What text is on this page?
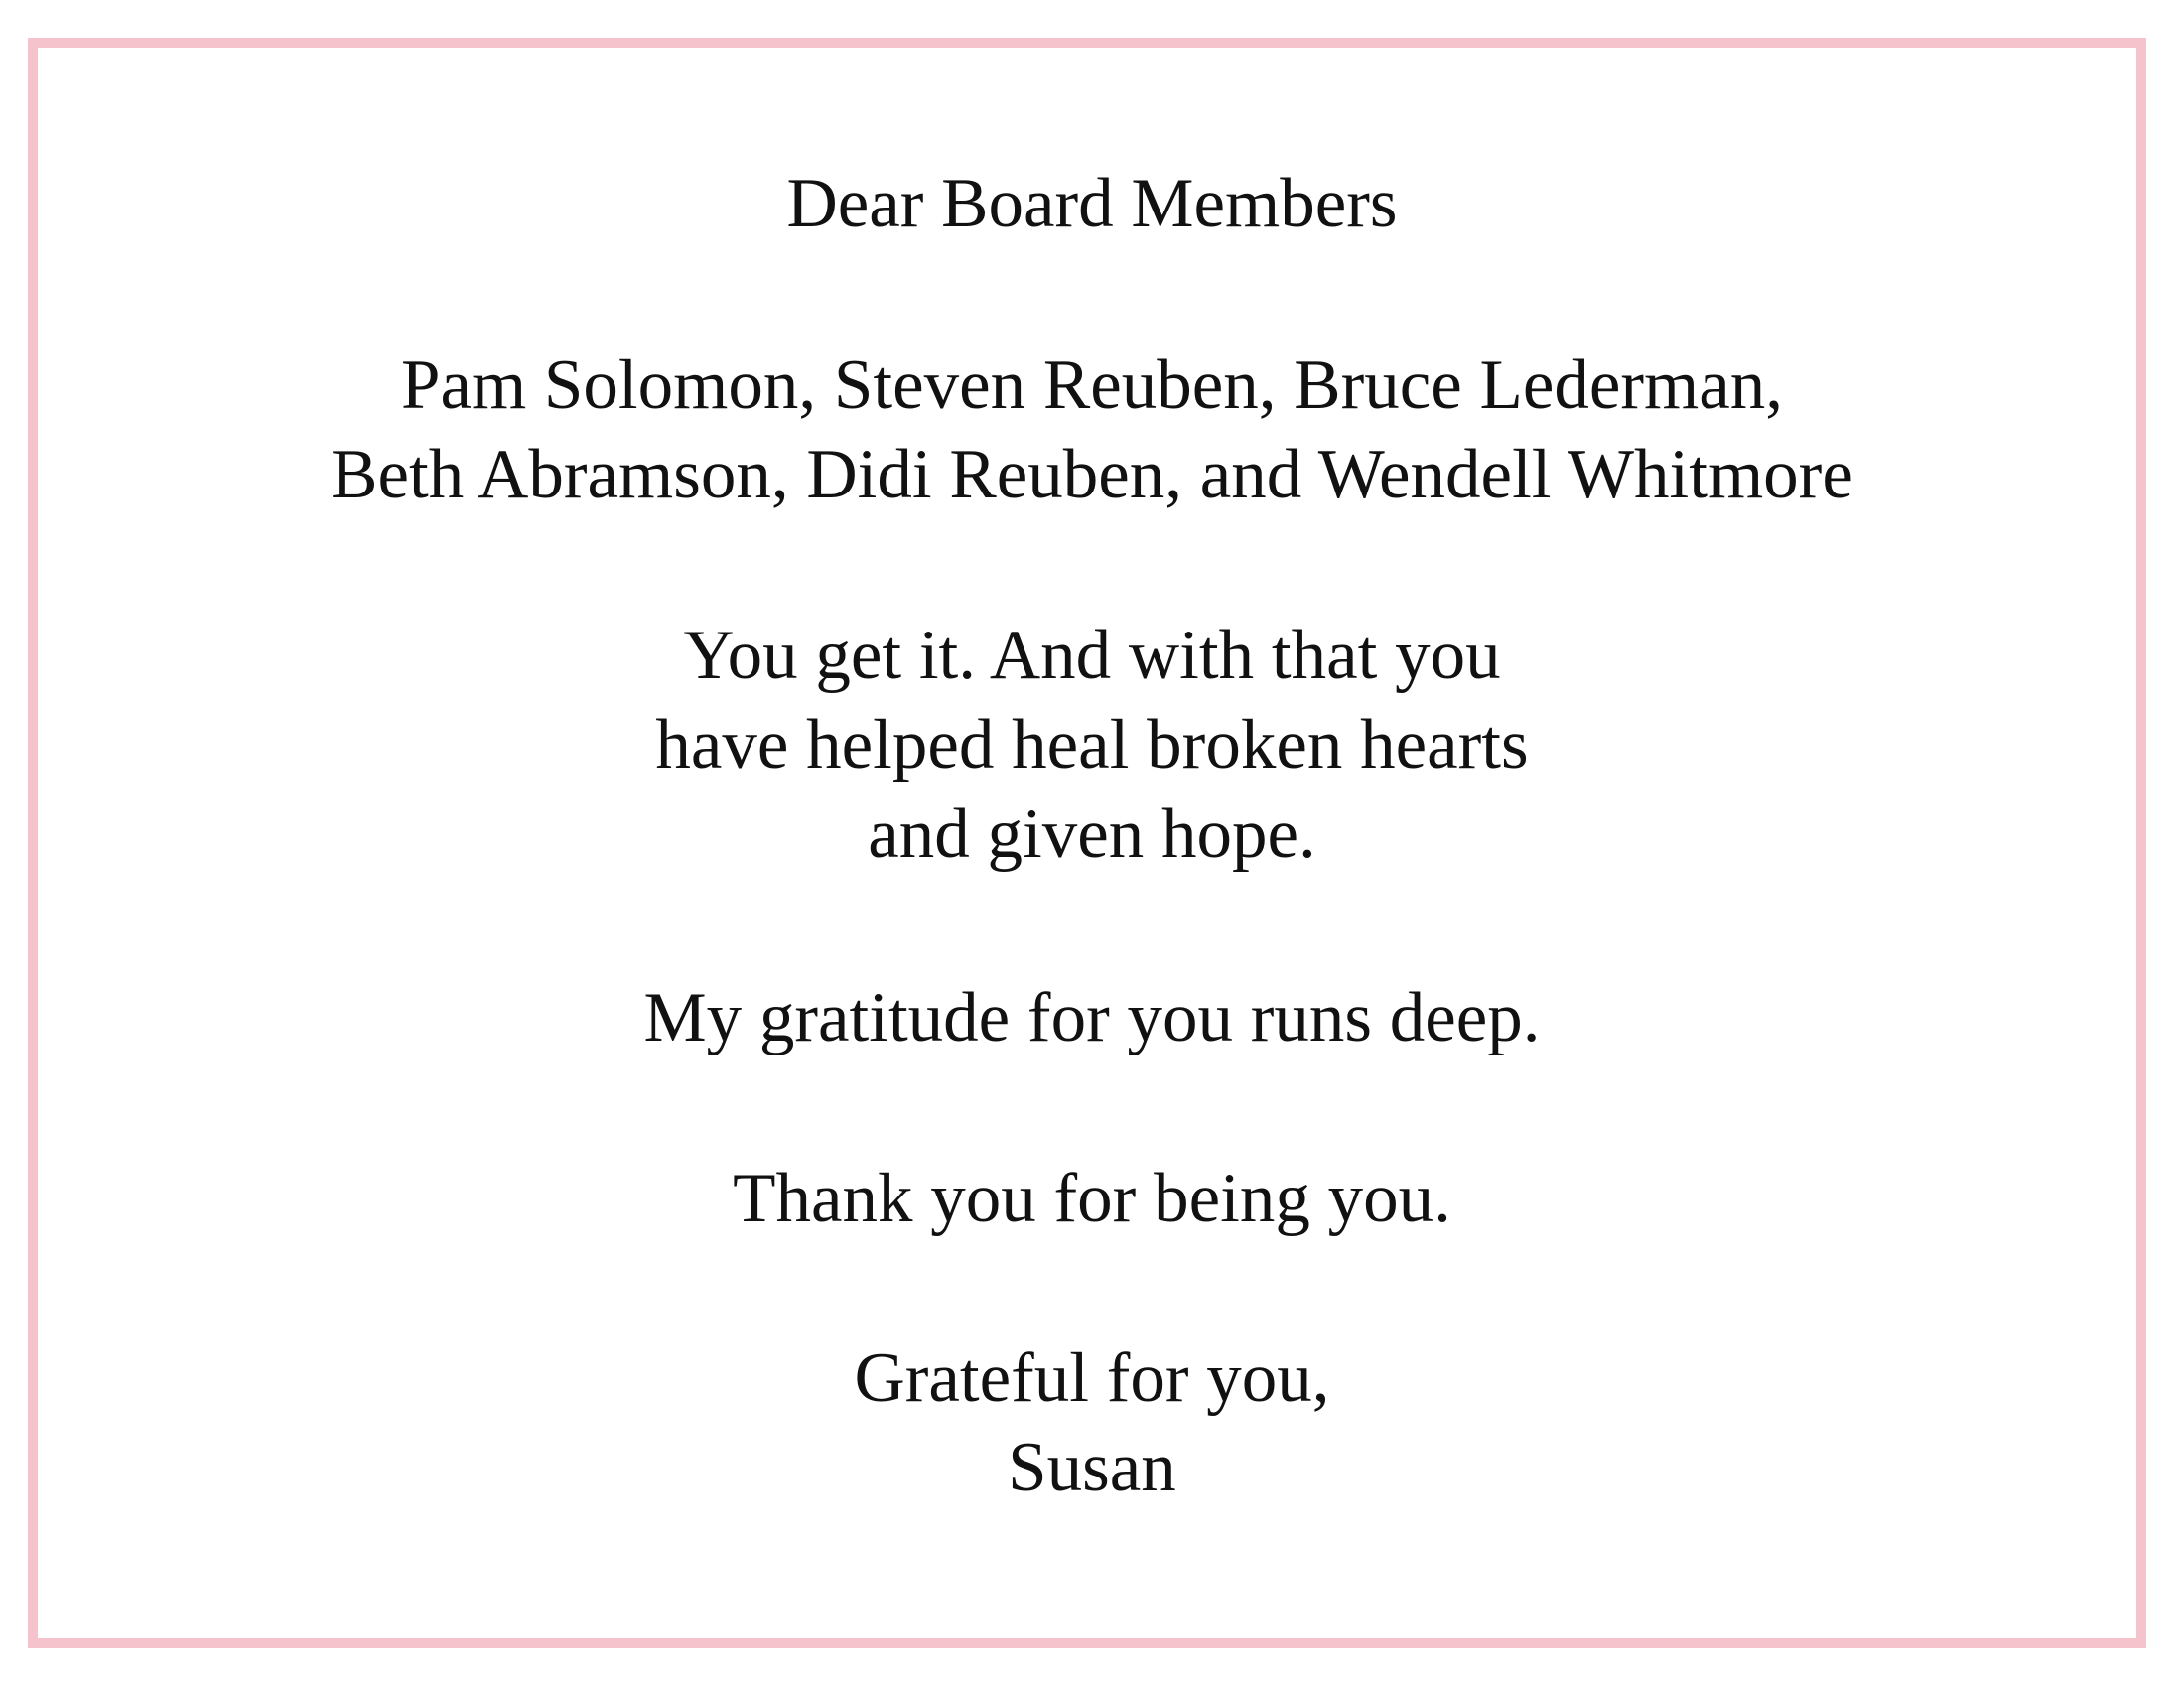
Dear Board Members
Pam Solomon, Steven Reuben, Bruce Lederman,
Beth Abramson, Didi Reuben, and Wendell Whitmore
You get it. And with that you
have helped heal broken hearts
and given hope.
My gratitude for you runs deep.
Thank you for being you.
Grateful for you,
Susan
